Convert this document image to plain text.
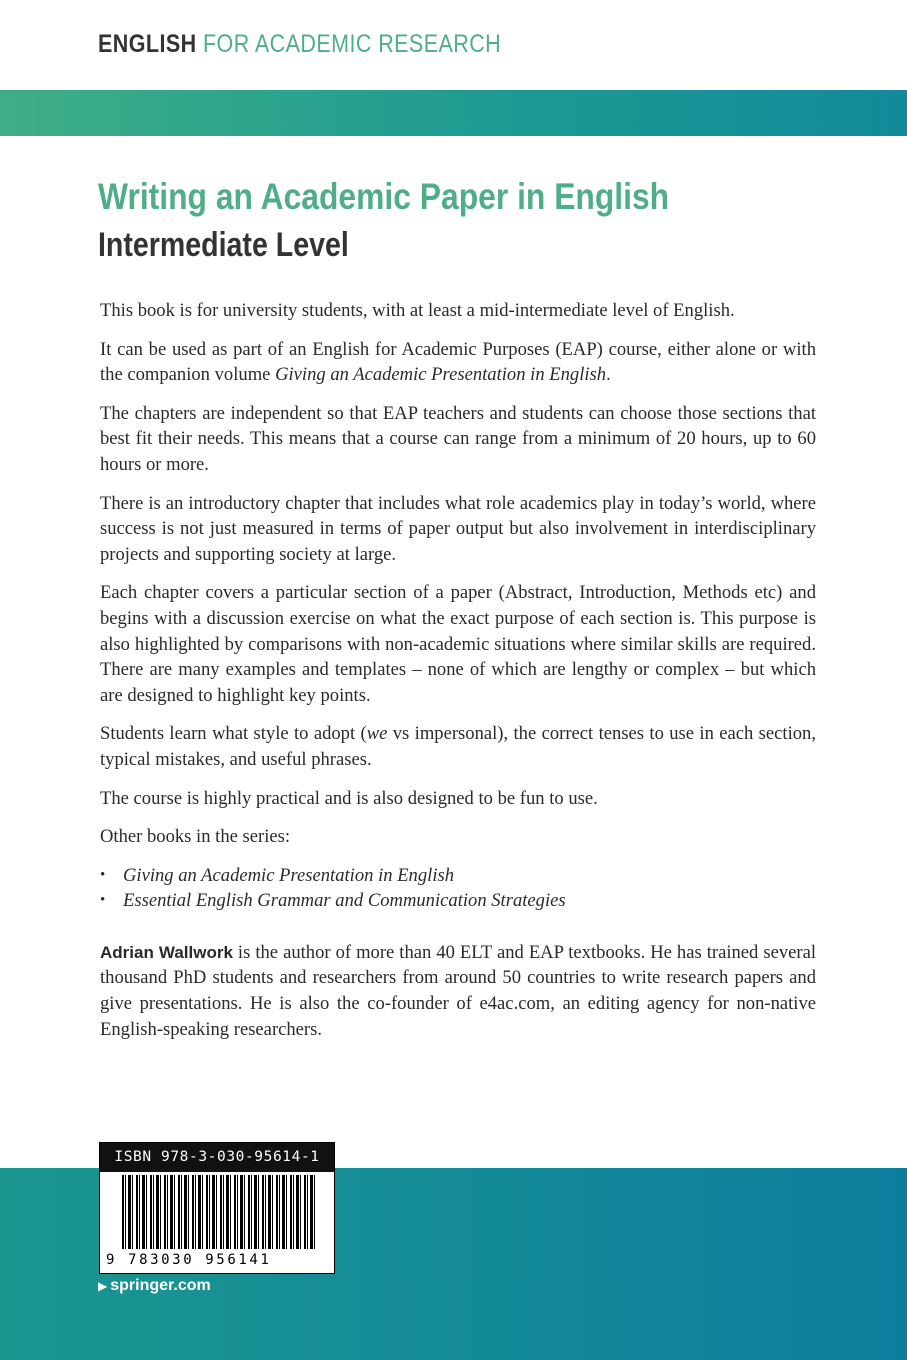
ENGLISH FOR ACADEMIC RESEARCH
Writing an Academic Paper in English
Intermediate Level

This book is for university students, with at least a mid-intermediate level of English.

It can be used as part of an English for Academic Purposes (EAP) course, either alone or with the companion volume Giving an Academic Presentation in English.

The chapters are independent so that EAP teachers and students can choose those sections that best fit their needs. This means that a course can range from a minimum of 20 hours, up to 60 hours or more.

There is an introductory chapter that includes what role academics play in today’s world, where success is not just measured in terms of paper output but also involvement in interdisciplinary projects and supporting society at large.

Each chapter covers a particular section of a paper (Abstract, Introduction, Methods etc) and begins with a discussion exercise on what the exact purpose of each section is. This purpose is also highlighted by comparisons with non-academic situations where similar skills are required. There are many examples and templates – none of which are lengthy or complex – but which are designed to highlight key points.

Students learn what style to adopt (we vs impersonal), the correct tenses to use in each section, typical mistakes, and useful phrases.

The course is highly practical and is also designed to be fun to use.

Other books in the series:

• Giving an Academic Presentation in English
• Essential English Grammar and Communication Strategies

Adrian Wallwork is the author of more than 40 ELT and EAP textbooks. He has trained several thousand PhD students and researchers from around 50 countries to write research papers and give presentations. He is also the co-founder of e4ac.com, an editing agency for non-native English-speaking researchers.

ISBN 978-3-030-95614-1
9 783030 956141
▶ springer.com
